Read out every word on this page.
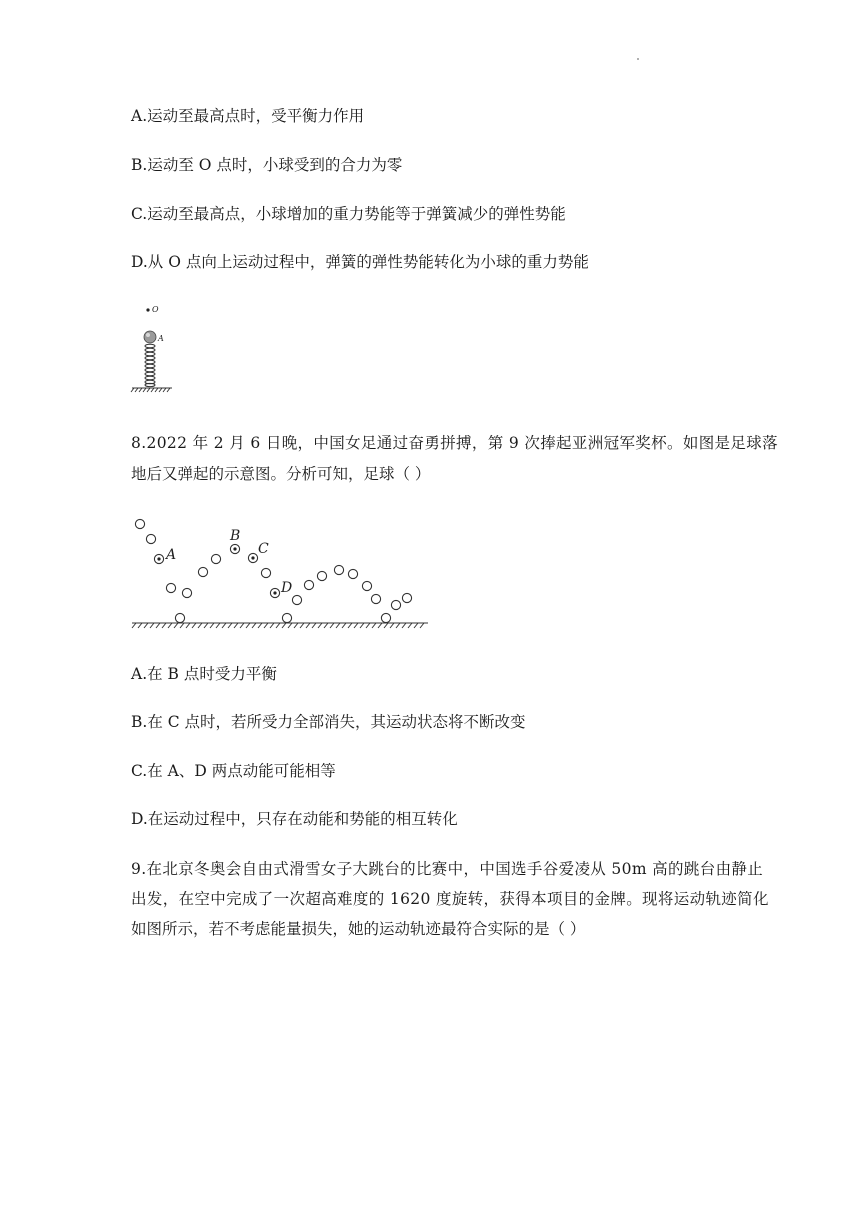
A.运动至最高点时，受平衡力作用
B.运动至 O 点时，小球受到的合力为零
C.运动至最高点，小球增加的重力势能等于弹簧减少的弹性势能
D.从 O 点向上运动过程中，弹簧的弹性势能转化为小球的重力势能
O
A
8.2022 年 2 月 6 日晚，中国女足通过奋勇拼搏，第 9 次捧起亚洲冠军奖杯。如图是足球落
地后又弹起的示意图。分析可知，足球（ ）
A
B
C
D
A.在 B 点时受力平衡
B.在 C 点时，若所受力全部消失，其运动状态将不断改变
C.在 A、D 两点动能可能相等
D.在运动过程中，只存在动能和势能的相互转化
9.在北京冬奥会自由式滑雪女子大跳台的比赛中，中国选手谷爱凌从 50m 高的跳台由静止
出发，在空中完成了一次超高难度的 1620 度旋转，获得本项目的金牌。现将运动轨迹简化
如图所示，若不考虑能量损失，她的运动轨迹最符合实际的是（ ）
